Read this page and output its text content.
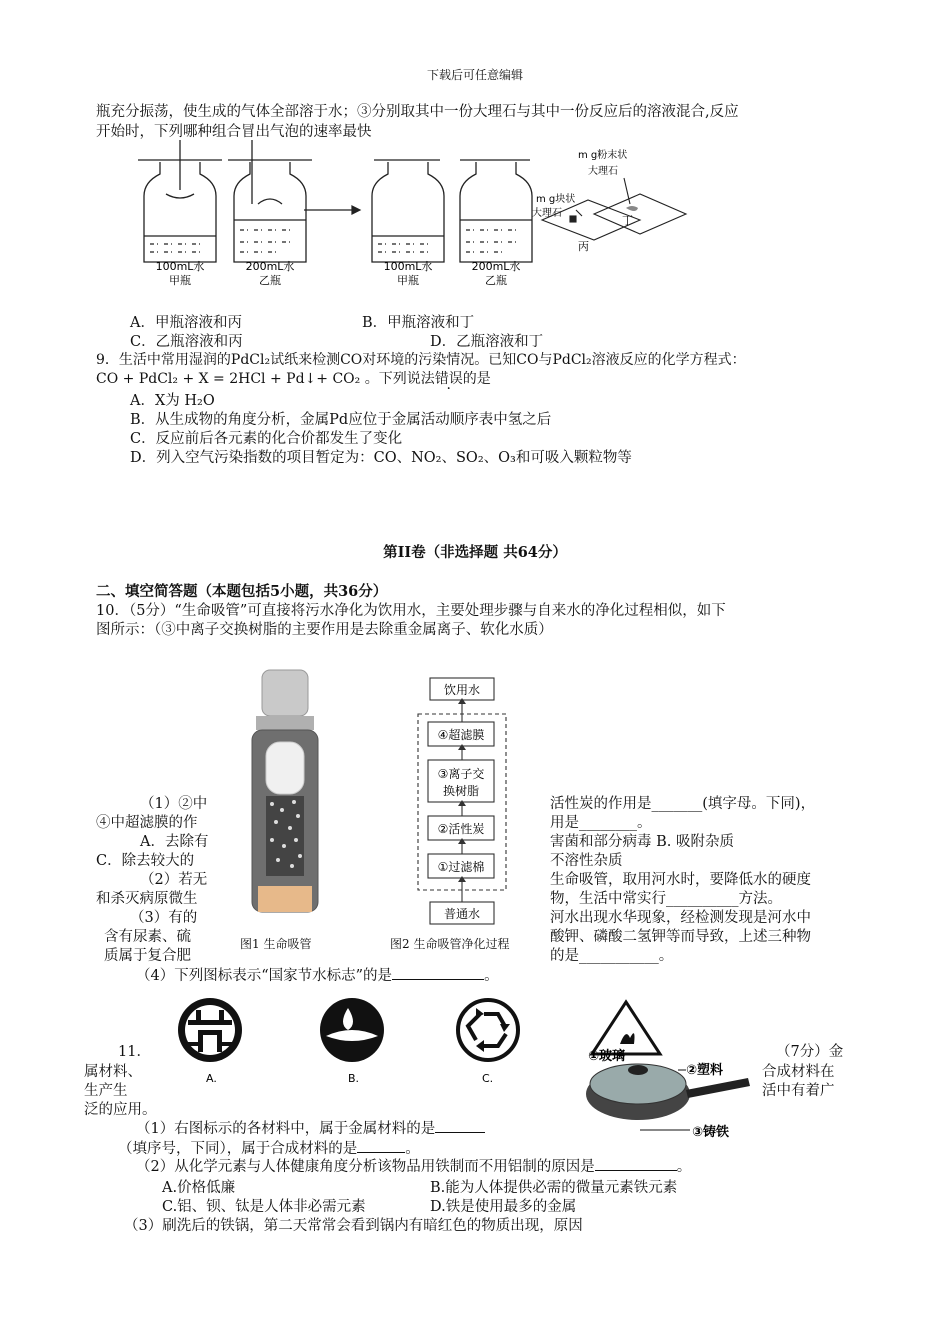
下载后可任意编辑
瓶充分振荡，使生成的气体全部溶于水；③分别取其中一份大理石与其中一份反应后的溶液混合,反应
开始时，下列哪种组合冒出气泡的速率最快
m g块状
大理石
m g粉末状
大理石
丙
丁
100mL水
甲瓶
200mL水
乙瓶
100mL水
甲瓶
200mL水
乙瓶
A．甲瓶溶液和丙	B．甲瓶溶液和丁
C．乙瓶溶液和丙	D．乙瓶溶液和丁
9．生活中常用湿润的PdCl₂试纸来检测CO对环境的污染情况。已知CO与PdCl₂溶液反应的化学方程式：
CO + PdCl₂ + X = 2HCl + Pd↓+ CO₂ 。下列说法错误的是
A．X为 H₂O
B．从生成物的角度分析，金属Pd应位于金属活动顺序表中氢之后
C．反应前后各元素的化合价都发生了变化
D．列入空气污染指数的项目暂定为：CO、NO₂、SO₂、O₃和可吸入颗粒物等
第II卷（非选择题 共64分）
二、填空简答题（本题包括5小题，共36分）
10．（5分）“生命吸管”可直接将污水净化为饮用水，主要处理步骤与自来水的净化过程相似，如下
图所示：（③中离子交换树脂的主要作用是去除重金属离子、软化水质）
（1）②中
④中超滤膜的作
A．去除有
C．除去较大的
（2）若无
和杀灭病原微生
（3）有的
含有尿素、硫
质属于复合肥
图1 生命吸管
饮用水
④超滤膜
③离子交
换树脂
②活性炭
①过滤棉
普通水
图2 生命吸管净化过程
活性炭的作用是_______(填字母。下同)，
用是________。
害菌和部分病毒 B. 吸附杂质
不溶性杂质
生命吸管，取用河水时，要降低水的硬度
物，生活中常实行__________方法。
河水出现水华现象，经检测发现是河水中
酸钾、磷酸二氢钾等而导致，上述三种物
的是___________。
（4）下列图标表示“国家节水标志”的是	。
A.	B.	C.
11．
属材料、
生产生
泛的应用。
（7分）金
合成材料在
活中有着广
①玻璃
②塑料
③铸铁
（1）右图标示的各材料中，属于金属材料的是
（填序号，下同），属于合成材料的是	。
（2）从化学元素与人体健康角度分析该物品用铁制而不用铝制的原因是	。
A.价格低廉	B.能为人体提供必需的微量元素铁元素
C.铝、钡、钛是人体非必需元素	D.铁是使用最多的金属
（3）刷洗后的铁锅，第二天常常会看到锅内有暗红色的物质出现，原因
